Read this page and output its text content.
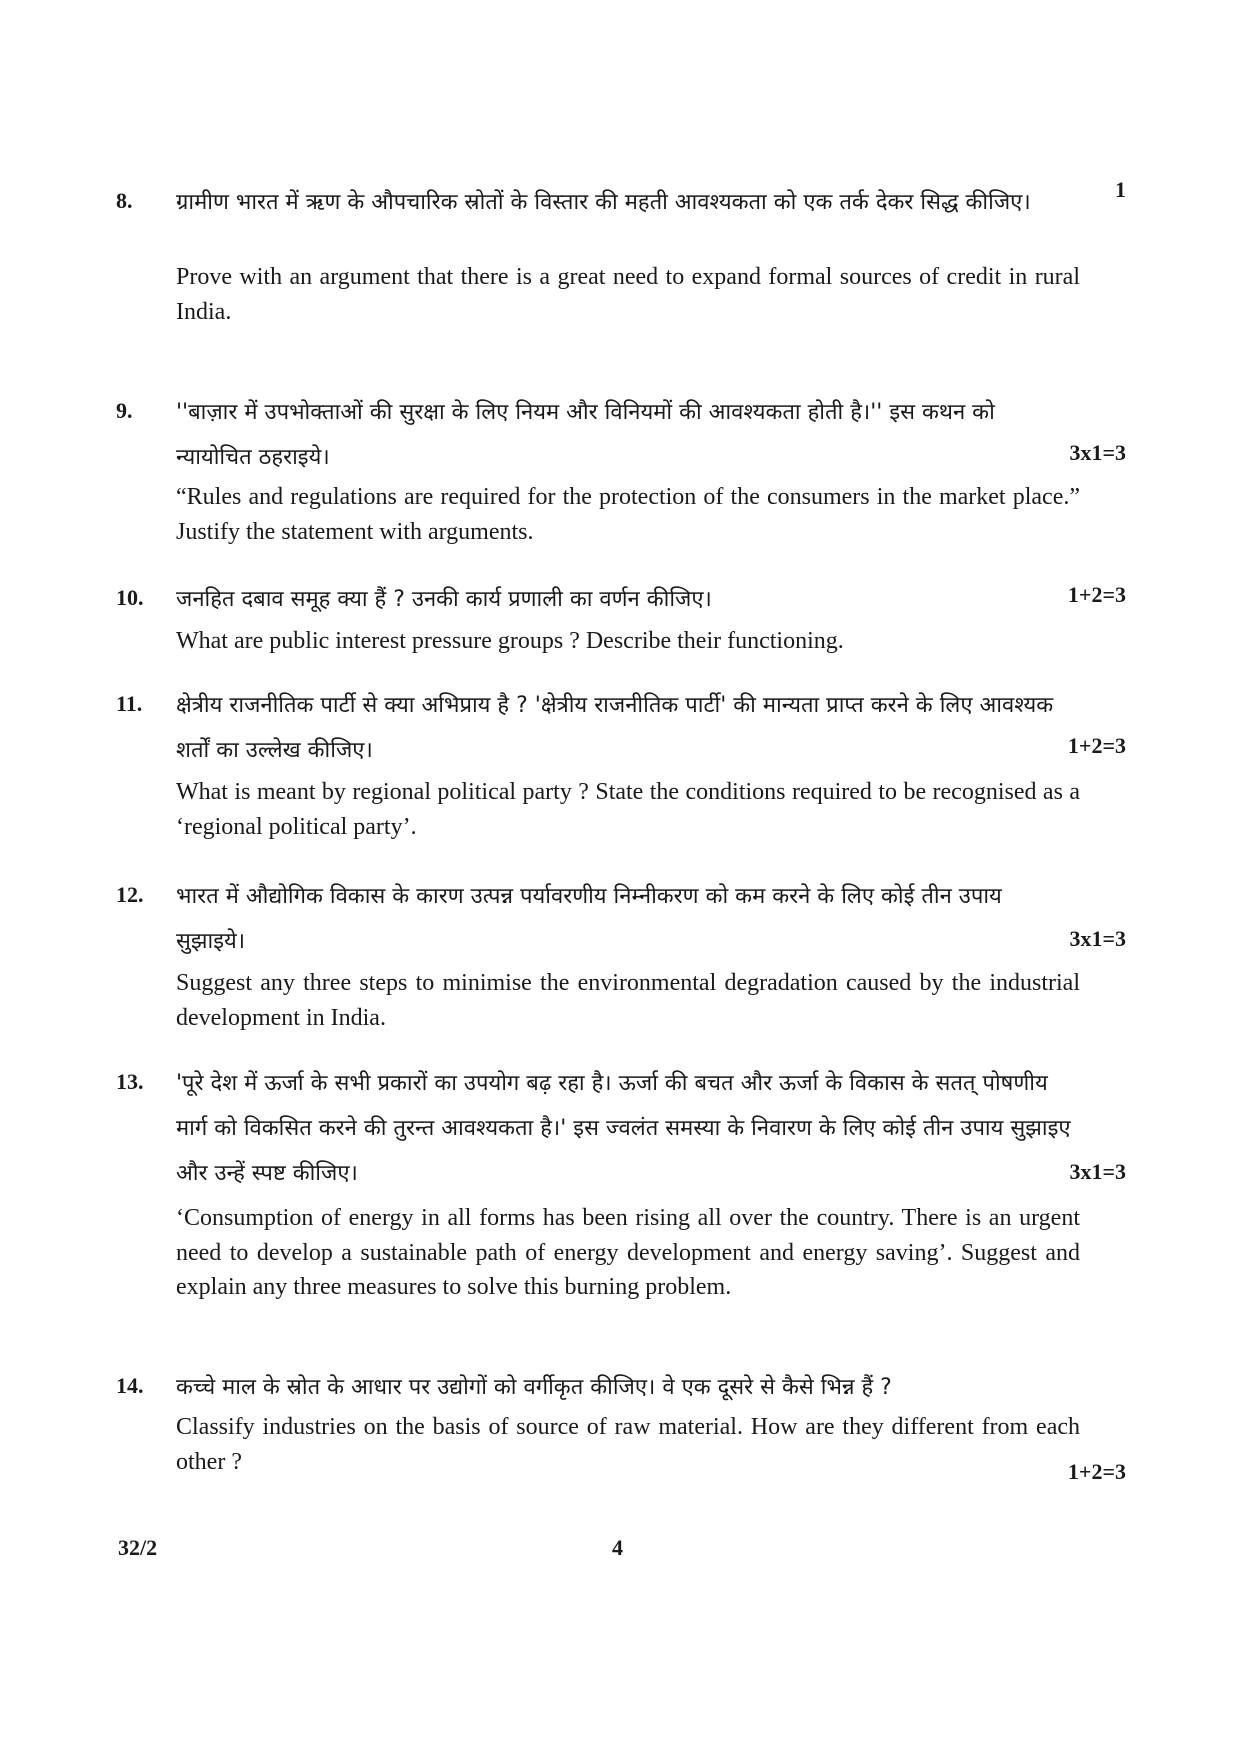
8. ग्रामीण भारत में ऋण के औपचारिक स्रोतों के विस्तार की महती आवश्यकता को एक तर्क देकर सिद्ध कीजिए।
1
Prove with an argument that there is a great need to expand formal sources of credit in rural India.
9. ''बाज़ार में उपभोक्ताओं की सुरक्षा के लिए नियम और विनियमों की आवश्यकता होती है।'' इस कथन को न्यायोचित ठहराइये।	3x1=3
“Rules and regulations are required for the protection of the consumers in the market place.” Justify the statement with arguments.
10. जनहित दबाव समूह क्या हैं ? उनकी कार्य प्रणाली का वर्णन कीजिए।	1+2=3
What are public interest pressure groups ? Describe their functioning.
11. क्षेत्रीय राजनीतिक पार्टी से क्या अभिप्राय है ? 'क्षेत्रीय राजनीतिक पार्टी' की मान्यता प्राप्त करने के लिए आवश्यक शर्तों का उल्लेख कीजिए।	1+2=3
What is meant by regional political party ? State the conditions required to be recognised as a ‘regional political party’.
12. भारत में औद्योगिक विकास के कारण उत्पन्न पर्यावरणीय निम्नीकरण को कम करने के लिए कोई तीन उपाय सुझाइये।	3x1=3
Suggest any three steps to minimise the environmental degradation caused by the industrial development in India.
13. 'पूरे देश में ऊर्जा के सभी प्रकारों का उपयोग बढ़ रहा है। ऊर्जा की बचत और ऊर्जा के विकास के सतत् पोषणीय मार्ग को विकसित करने की तुरन्त आवश्यकता है।' इस ज्वलंत समस्या के निवारण के लिए कोई तीन उपाय सुझाइए और उन्हें स्पष्ट कीजिए।	3x1=3
‘Consumption of energy in all forms has been rising all over the country. There is an urgent need to develop a sustainable path of energy development and energy saving’. Suggest and explain any three measures to solve this burning problem.
14. कच्चे माल के स्रोत के आधार पर उद्योगों को वर्गीकृत कीजिए। वे एक दूसरे से कैसे भिन्न हैं ?
1+2=3
Classify industries on the basis of source of raw material. How are they different from each other ?
32/2	4
